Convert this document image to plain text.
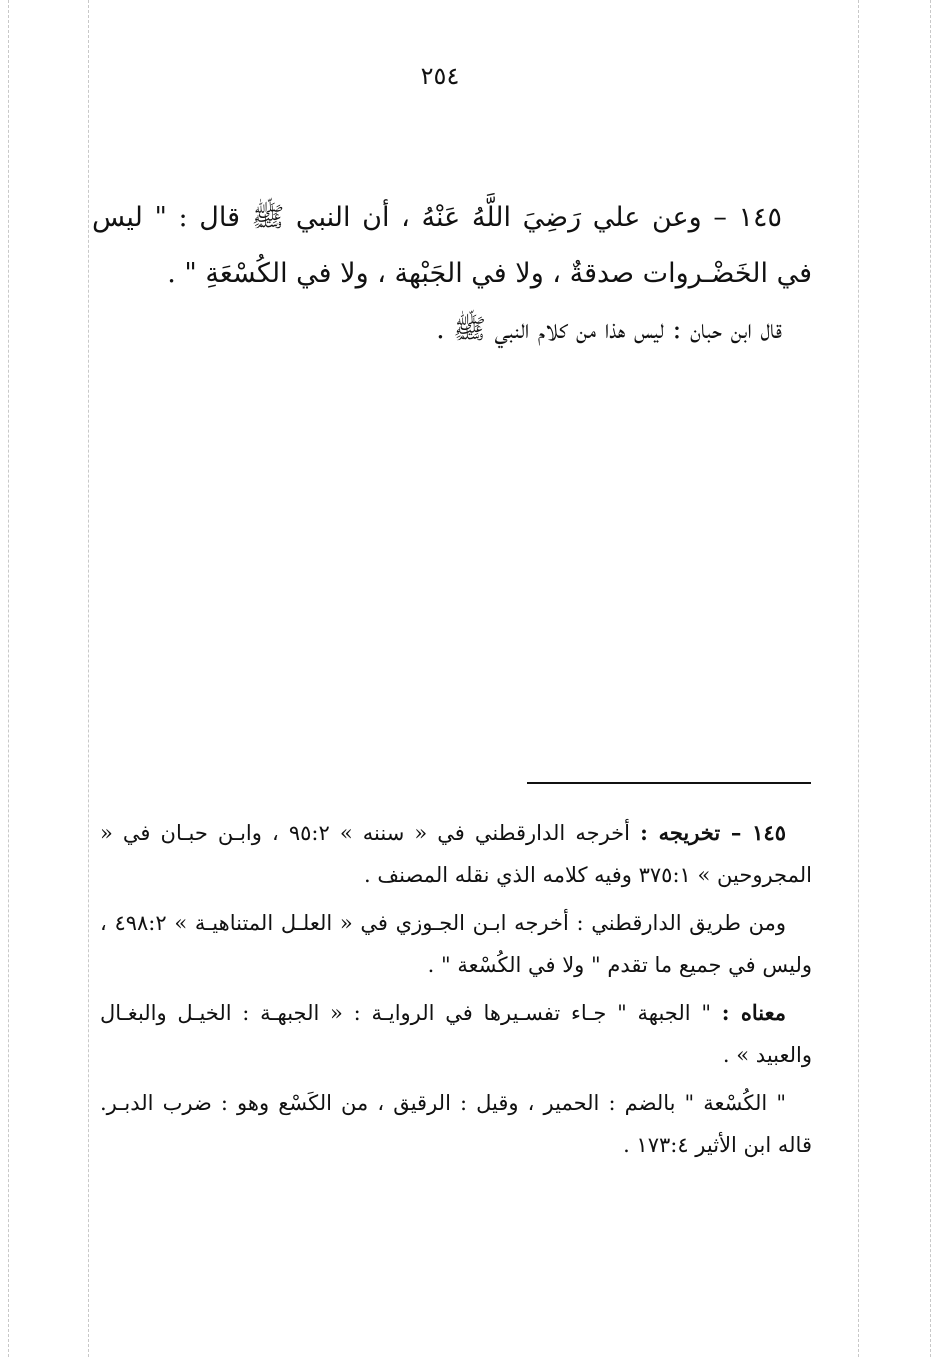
٢٥٤

١٤٥ – وعن علي رَضِيَ اللَّهُ عَنْهُ ، أن النبي ﷺ قال : " ليس في الخَضْـروات صدقةٌ ، ولا في الجَبْهة ، ولا في الكُسْعَةِ " .

قال ابن حبان : ليس هذا من كلام النبي ﷺ .

١٤٥ – تخريجه : أخرجه الدارقطني في « سننه » ٩٥:٢ ، وابـن حبـان في « المجروحين » ٣٧٥:١ وفيه كلامه الذي نقله المصنف .

ومن طريق الدارقطني : أخرجه ابـن الجـوزي في « العلـل المتناهيـة » ٤٩٨:٢ ، وليس في جميع ما تقدم " ولا في الكُسْعة " .

معناه : " الجبهة " جـاء تفسـيرها في الروايـة : « الجبهـة : الخيـل والبغـال والعبيد » .

" الكُسْعة " بالضم : الحمير ، وقيل : الرقيق ، من الكَسْع وهو : ضرب الدبـر. قاله ابن الأثير ١٧٣:٤ .
